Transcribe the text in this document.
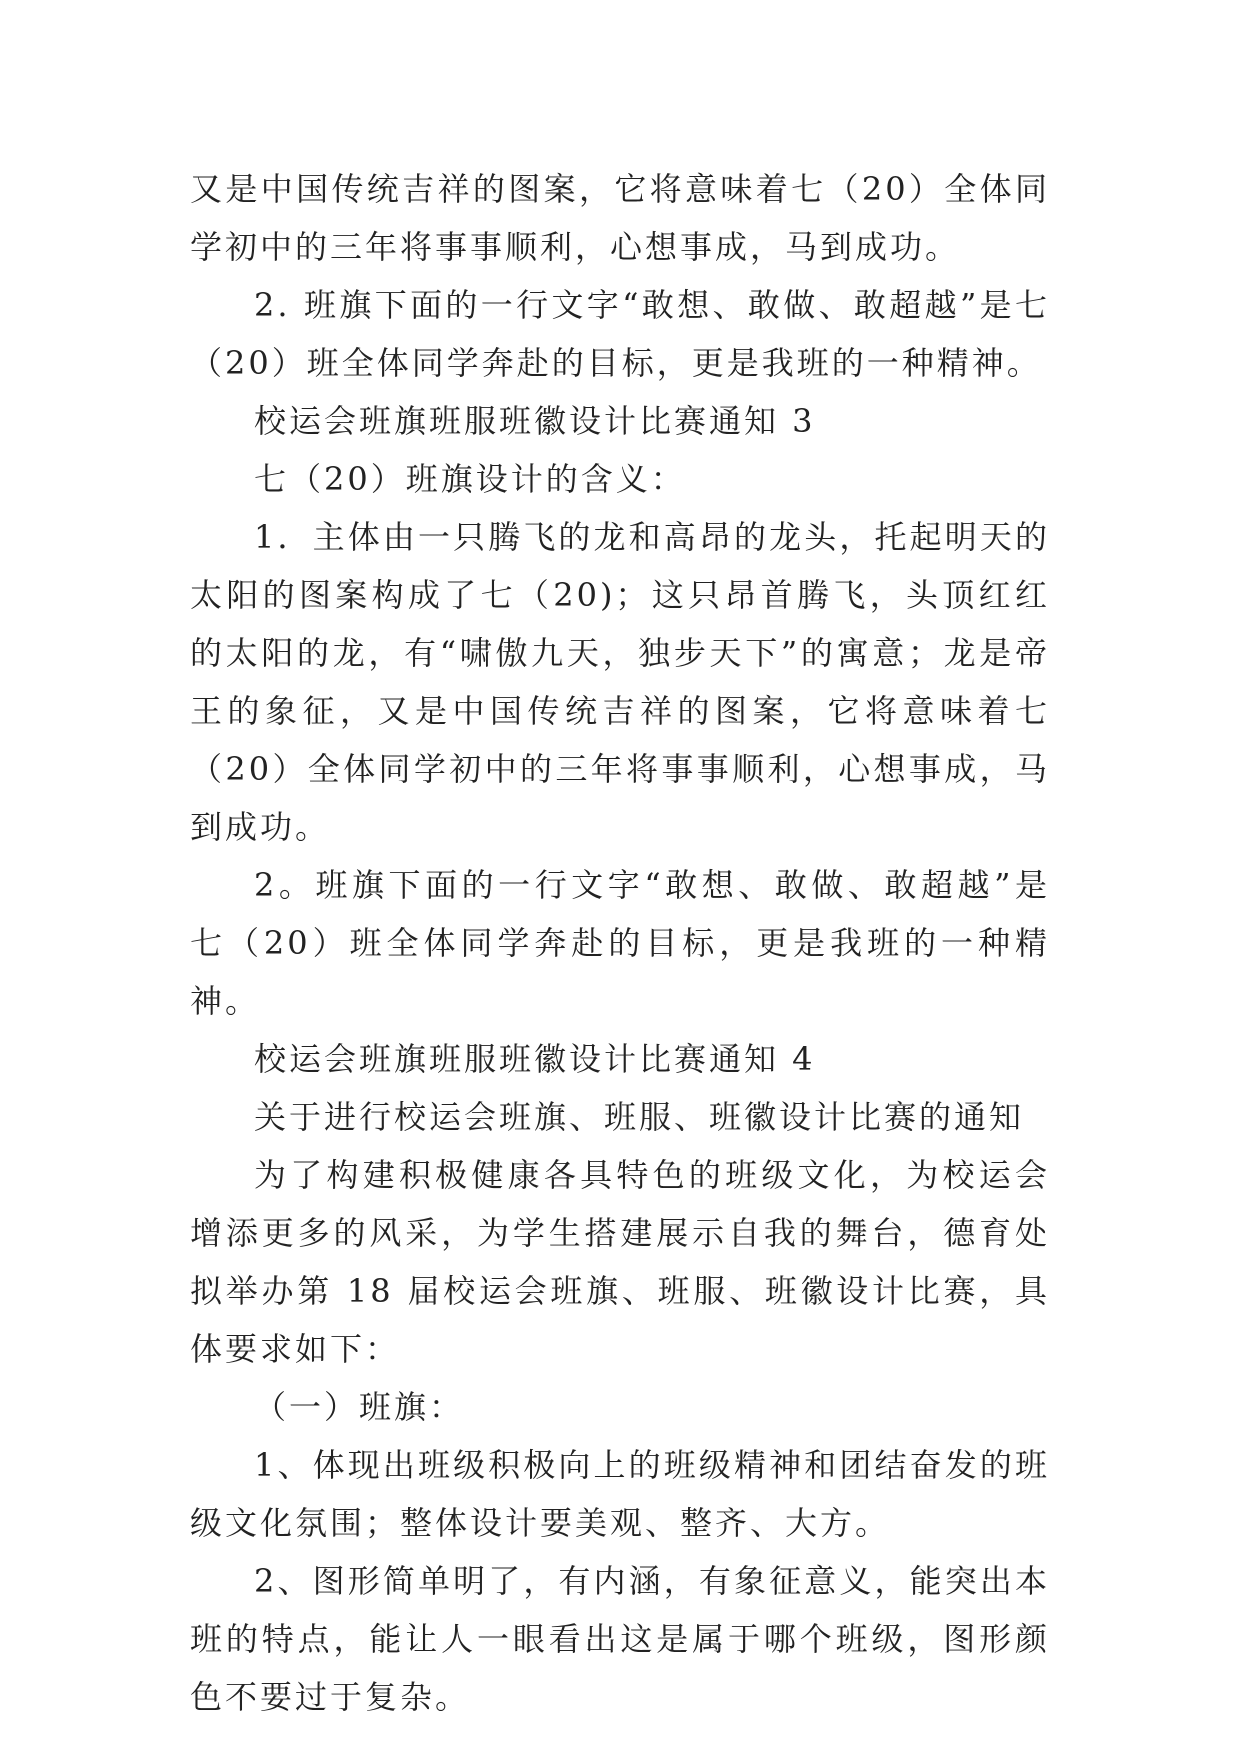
又是中国传统吉祥的图案，它将意味着七（20）全体同学初中的三年将事事顺利，心想事成，马到成功。

2. 班旗下面的一行文字“敢想、敢做、敢超越”是七（20）班全体同学奔赴的目标，更是我班的一种精神。

校运会班旗班服班徽设计比赛通知 3

七（20）班旗设计的含义：

1．主体由一只腾飞的龙和高昂的龙头，托起明天的太阳的图案构成了七（20)；这只昂首腾飞，头顶红红的太阳的龙，有“啸傲九天，独步天下”的寓意；龙是帝王的象征，又是中国传统吉祥的图案，它将意味着七（20）全体同学初中的三年将事事顺利，心想事成，马到成功。

2。班旗下面的一行文字“敢想、敢做、敢超越”是七（20）班全体同学奔赴的目标，更是我班的一种精神。

校运会班旗班服班徽设计比赛通知 4

关于进行校运会班旗、班服、班徽设计比赛的通知

为了构建积极健康各具特色的班级文化，为校运会增添更多的风采，为学生搭建展示自我的舞台，德育处拟举办第 18 届校运会班旗、班服、班徽设计比赛，具体要求如下：

（一）班旗：

1、体现出班级积极向上的班级精神和团结奋发的班级文化氛围；整体设计要美观、整齐、大方。

2、图形简单明了，有内涵，有象征意义，能突出本班的特点，能让人一眼看出这是属于哪个班级，图形颜色不要过于复杂。
